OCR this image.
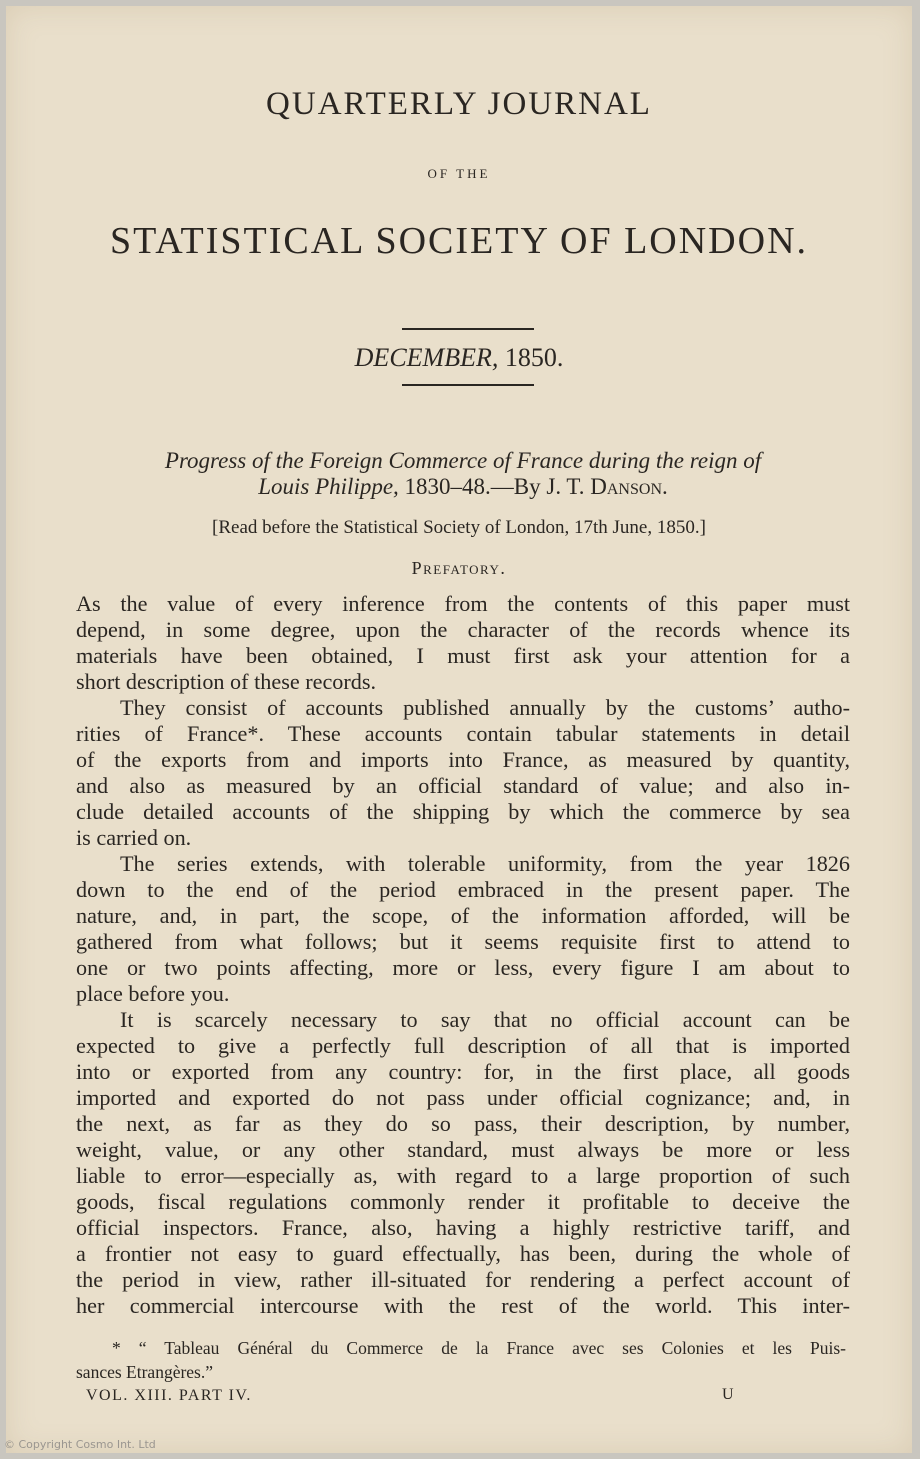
QUARTERLY JOURNAL
OF THE
STATISTICAL SOCIETY OF LONDON.
DECEMBER, 1850.
Progress of the Foreign Commerce of France during the reign of
Louis Philippe, 1830–48.—By J. T. Danson.
[Read before the Statistical Society of London, 17th June, 1850.]
Prefatory.
As the value of every inference from the contents of this paper must
depend, in some degree, upon the character of the records whence its
materials have been obtained, I must first ask your attention for a
short description of these records.
They consist of accounts published annually by the customs’ autho-
rities of France*. These accounts contain tabular statements in detail
of the exports from and imports into France, as measured by quantity,
and also as measured by an official standard of value; and also in-
clude detailed accounts of the shipping by which the commerce by sea
is carried on.
The series extends, with tolerable uniformity, from the year 1826
down to the end of the period embraced in the present paper. The
nature, and, in part, the scope, of the information afforded, will be
gathered from what follows; but it seems requisite first to attend to
one or two points affecting, more or less, every figure I am about to
place before you.
It is scarcely necessary to say that no official account can be
expected to give a perfectly full description of all that is imported
into or exported from any country: for, in the first place, all goods
imported and exported do not pass under official cognizance; and, in
the next, as far as they do so pass, their description, by number,
weight, value, or any other standard, must always be more or less
liable to error—especially as, with regard to a large proportion of such
goods, fiscal regulations commonly render it profitable to deceive the
official inspectors. France, also, having a highly restrictive tariff, and
a frontier not easy to guard effectually, has been, during the whole of
the period in view, rather ill-situated for rendering a perfect account of
her commercial intercourse with the rest of the world. This inter-
* “ Tableau Général du Commerce de la France avec ses Colonies et les Puis-
sances Etrangères.”
VOL. XIII. PART IV.	U
© Copyright Cosmo Int. Ltd
